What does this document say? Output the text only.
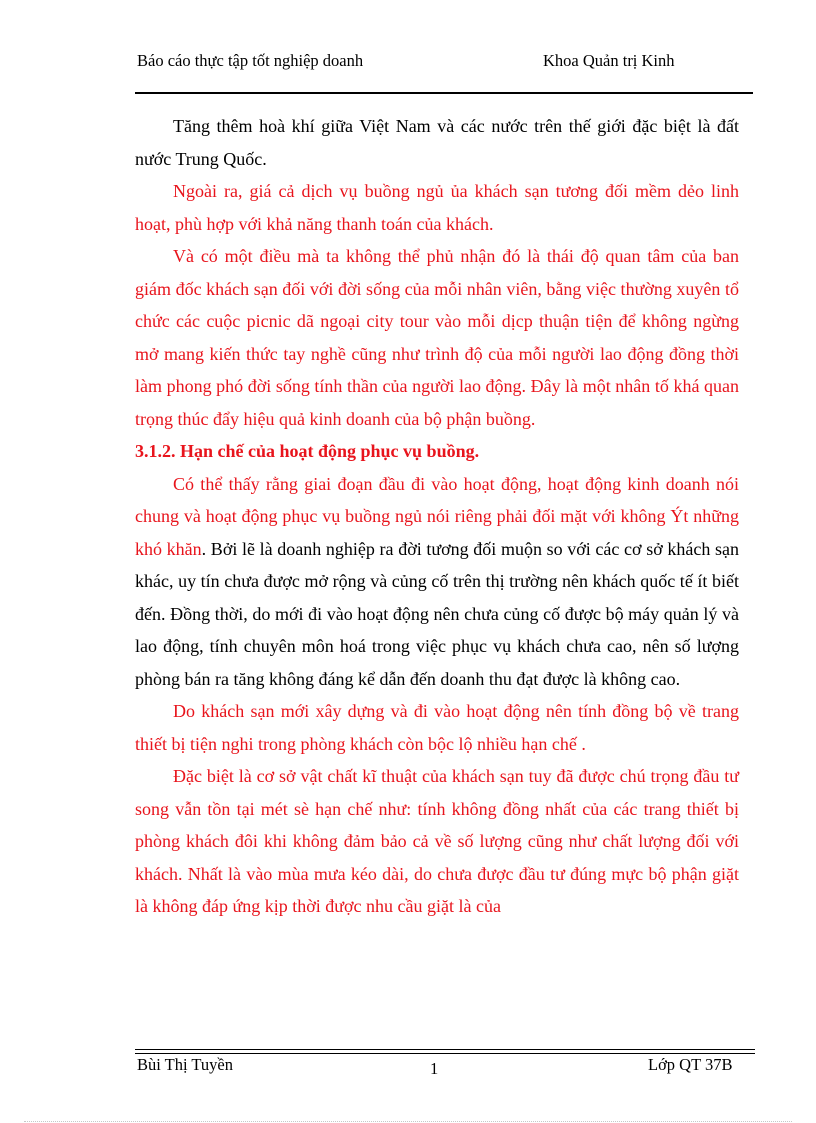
Báo cáo thực tập tốt nghiệp doanh	Khoa Quản trị Kinh

Tăng thêm hoà khí giữa Việt Nam và các nước trên thế giới đặc biệt là đất nước Trung Quốc.

Ngoài ra, giá cả dịch vụ buồng ngủ ủa khách sạn tương đối mềm dẻo linh hoạt, phù hợp với khả năng thanh toán của khách.

Và có một điều mà ta không thể phủ nhận đó là thái độ quan tâm của ban giám đốc khách sạn đối với đời sống của mỗi nhân viên, bằng việc thường xuyên tổ chức các cuộc picnic dã ngoại city tour vào mỗi dịcp thuận tiện để không ngừng mở mang kiến thức tay nghề cũng như trình độ của mỗi người lao động đồng thời làm phong phó đời sống tính thần của người lao động. Đây là một nhân tố khá quan trọng thúc đẩy hiệu quả kinh doanh của bộ phận buồng.

3.1.2. Hạn chế của hoạt động phục vụ buồng.

Có thể thấy rằng giai đoạn đầu đi vào hoạt động, hoạt động kinh doanh nói chung và hoạt động phục vụ buồng ngủ nói riêng phải đối mặt với không Ýt những khó khăn. Bởi lẽ là doanh nghiệp ra đời tương đối muộn so với các cơ sở khách sạn khác, uy tín chưa được mở rộng và củng cố trên thị trường nên khách quốc tế ít biết đến. Đồng thời, do mới đi vào hoạt động nên chưa củng cố được bộ máy quản lý và lao động, tính chuyên môn hoá trong việc phục vụ khách chưa cao, nên số lượng phòng bán ra tăng không đáng kể dẫn đến doanh thu đạt được là không cao.

Do khách sạn mới xây dựng và đi vào hoạt động nên tính đồng bộ về trang thiết bị tiện nghi trong phòng khách còn bộc lộ nhiều hạn chế .

Đặc biệt là cơ sở vật chất kĩ thuật của khách sạn tuy đã được chú trọng đầu tư song vẫn tồn tại mét sè hạn chế như: tính không đồng nhất của các trang thiết bị phòng khách đôi khi không đảm bảo cả về số lượng cũng như chất lượng đối với khách. Nhất là vào mùa mưa kéo dài, do chưa được đầu tư đúng mực bộ phận giặt là không đáp ứng kịp thời được nhu cầu giặt là của

Bùi Thị Tuyền	1	Lớp QT 37B
